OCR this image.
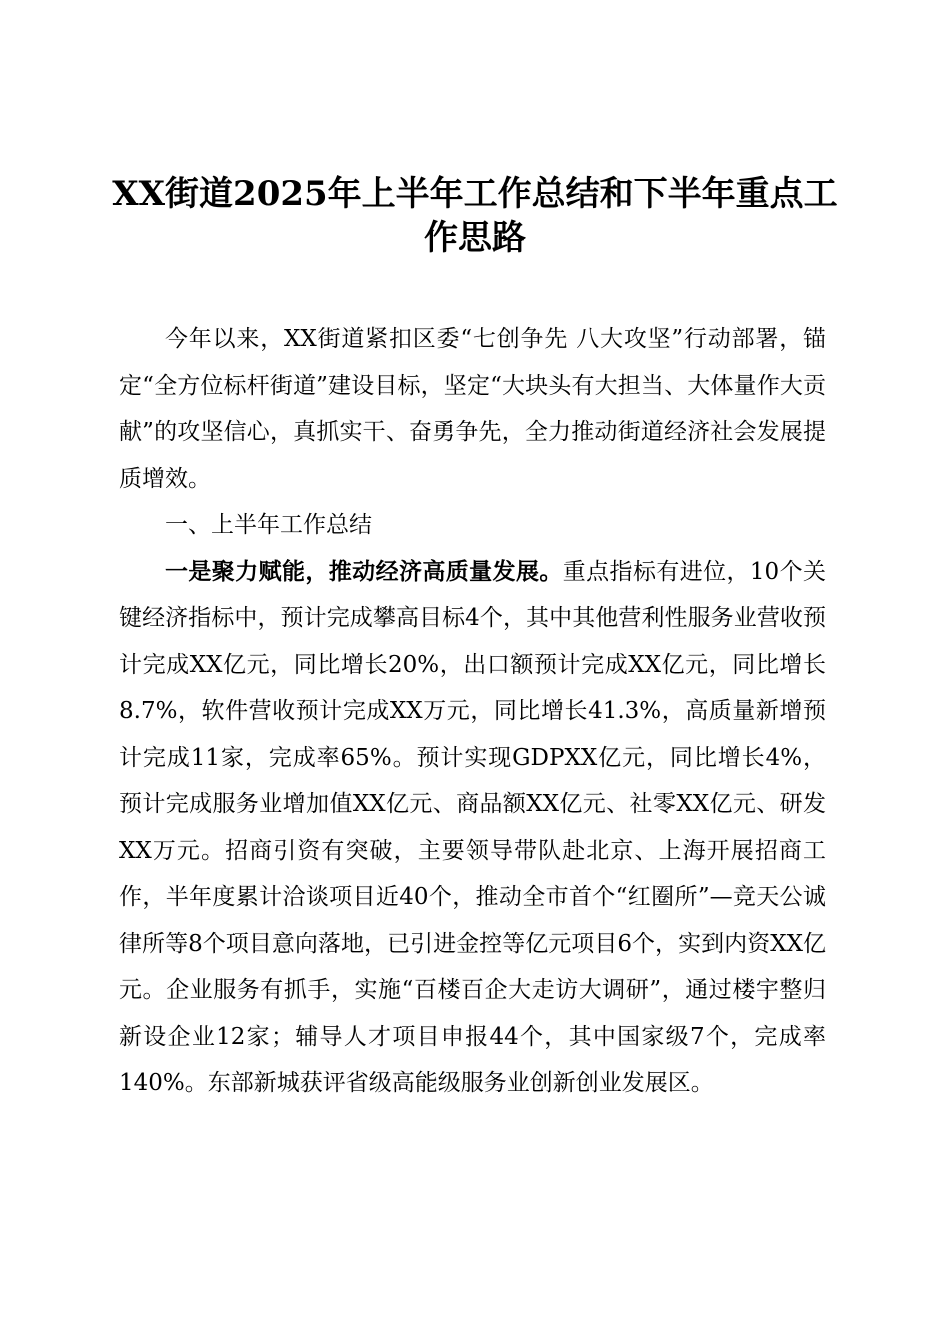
XX街道2025年上半年工作总结和下半年重点工作思路

今年以来，XX街道紧扣区委“七创争先 八大攻坚”行动部署，锚定“全方位标杆街道”建设目标，坚定“大块头有大担当、大体量作大贡献”的攻坚信心，真抓实干、奋勇争先，全力推动街道经济社会发展提质增效。

一、上半年工作总结

一是聚力赋能，推动经济高质量发展。重点指标有进位，10个关键经济指标中，预计完成攀高目标4个，其中其他营利性服务业营收预计完成XX亿元，同比增长20%，出口额预计完成XX亿元，同比增长8.7%，软件营收预计完成XX万元，同比增长41.3%，高质量新增预计完成11家，完成率65%。预计实现GDPXX亿元，同比增长4%，预计完成服务业增加值XX亿元、商品额XX亿元、社零XX亿元、研发XX万元。招商引资有突破，主要领导带队赴北京、上海开展招商工作，半年度累计洽谈项目近40个，推动全市首个“红圈所”—竞天公诚律所等8个项目意向落地，已引进金控等亿元项目6个，实到内资XX亿元。企业服务有抓手，实施“百楼百企大走访大调研”，通过楼宇整归新设企业12家；辅导人才项目申报44个，其中国家级7个，完成率140%。东部新城获评省级高能级服务业创新创业发展区。
